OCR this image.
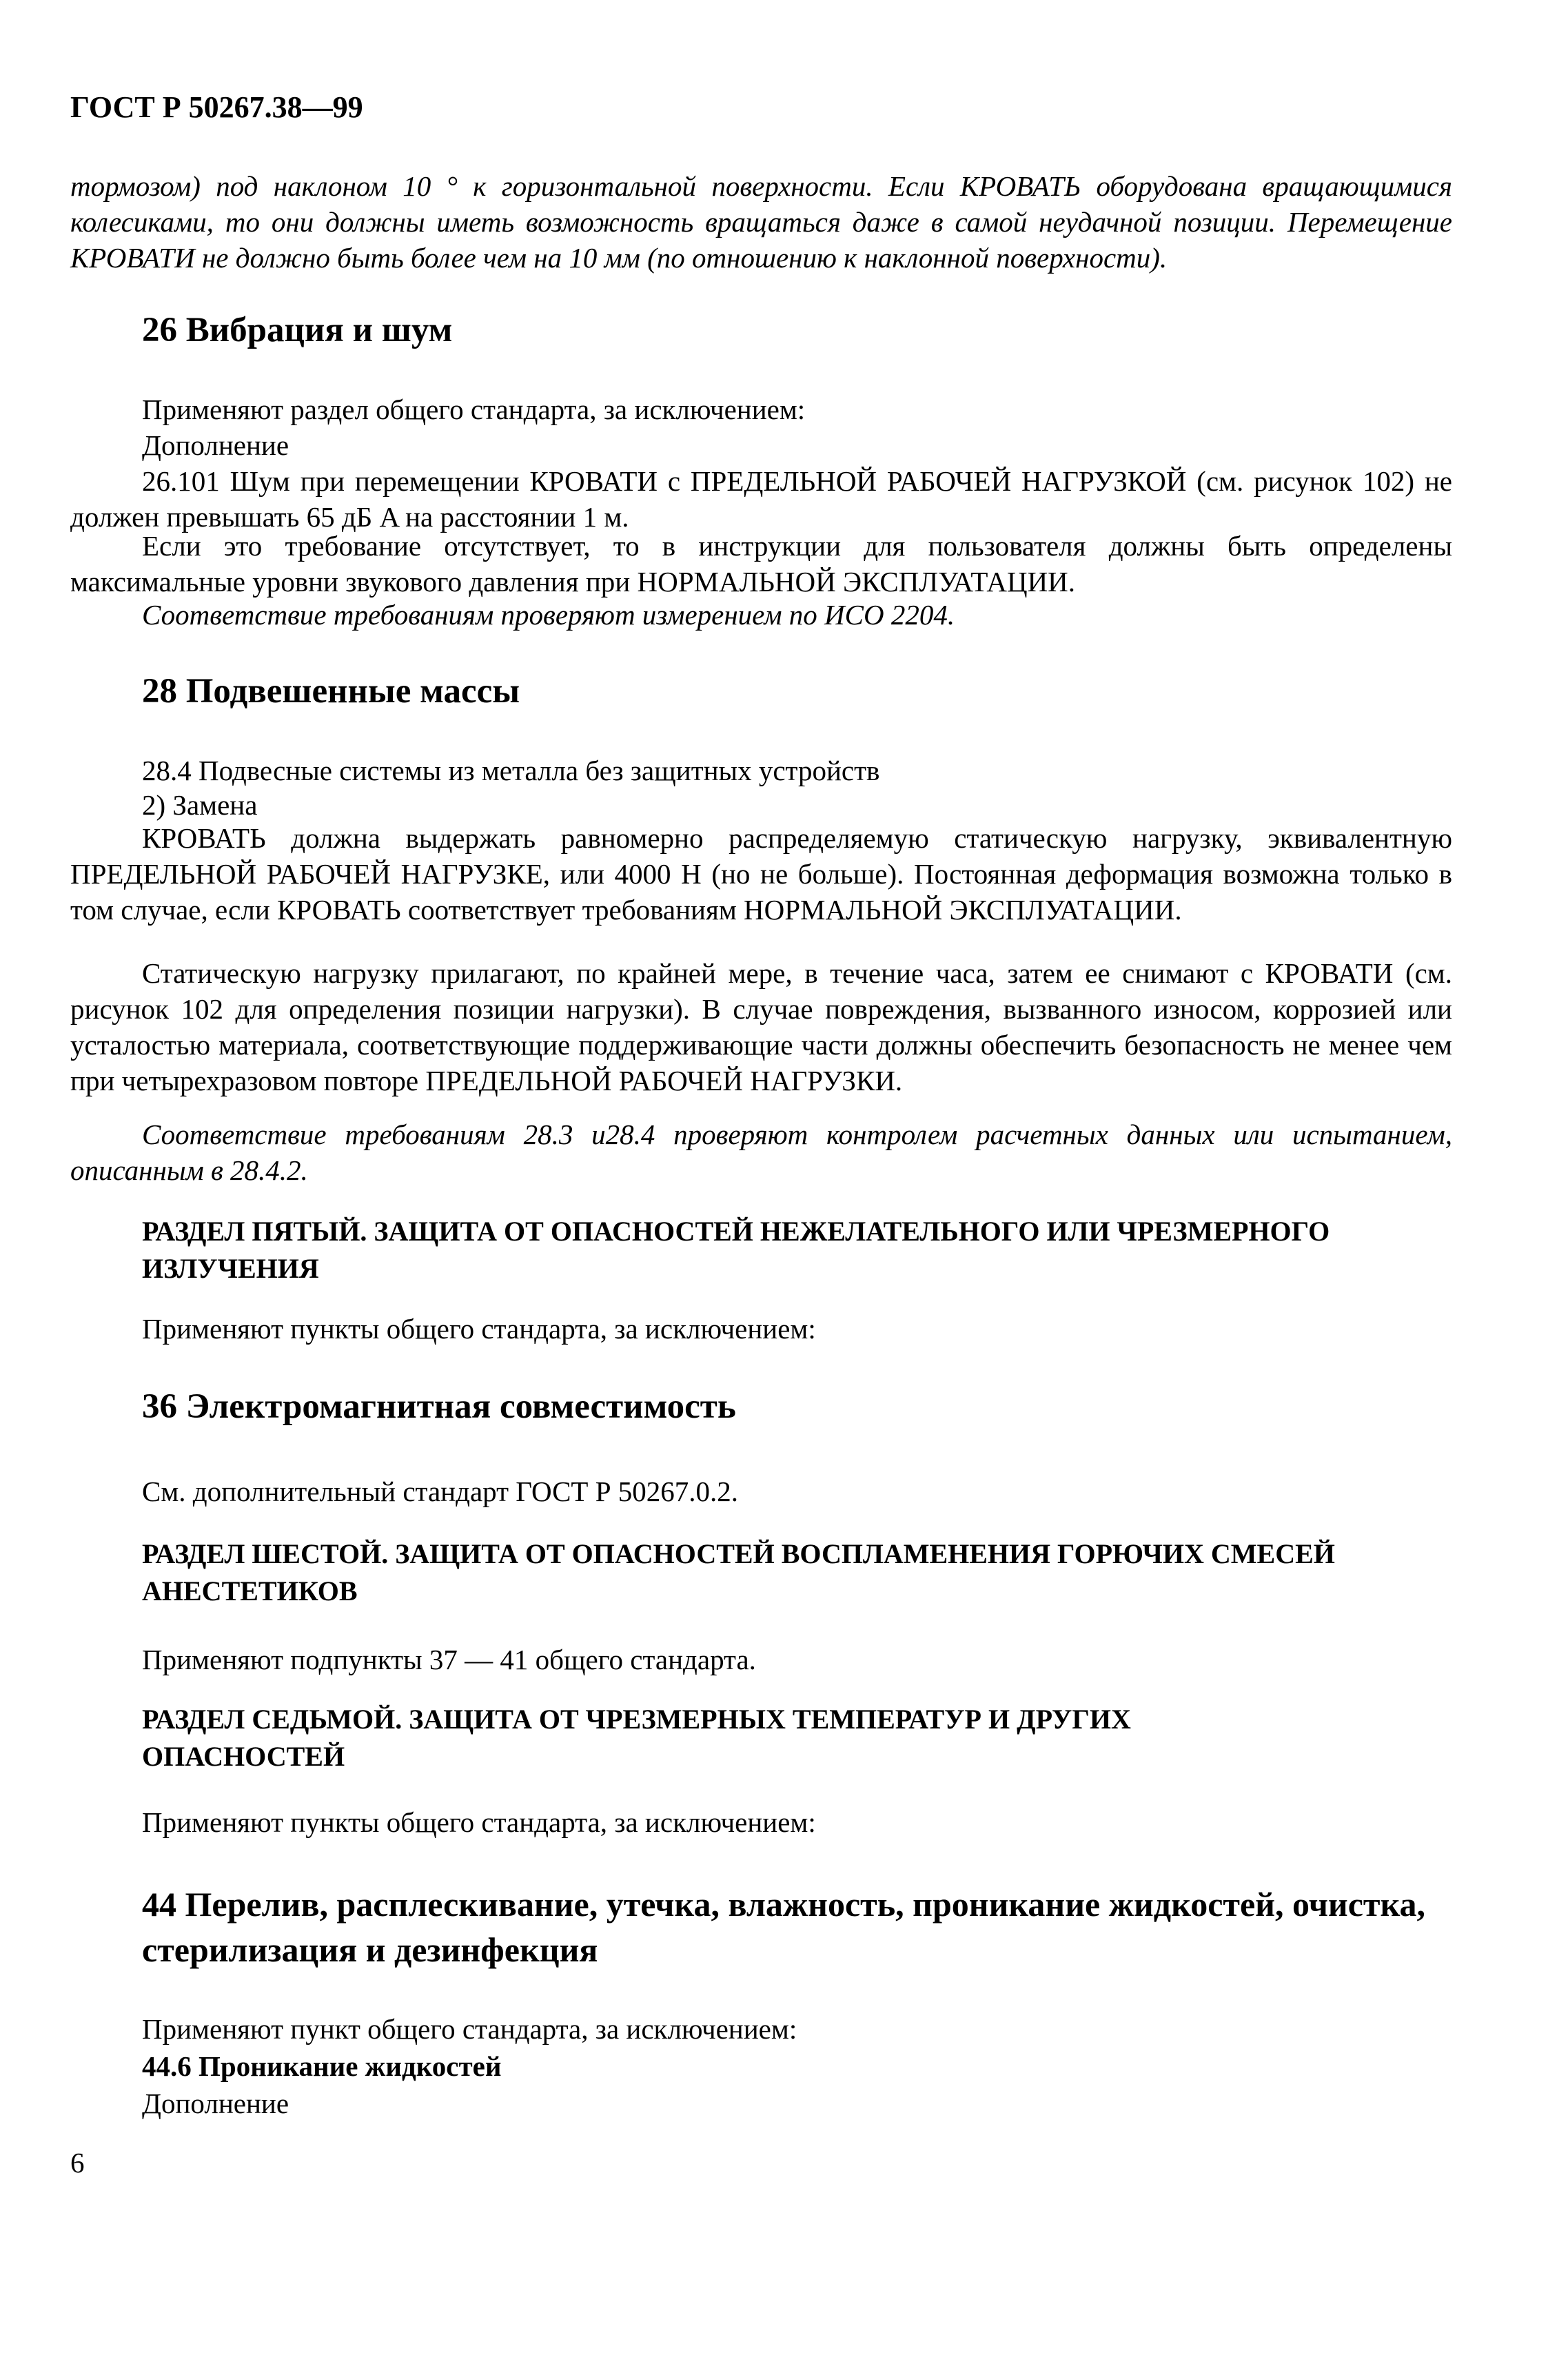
ГОСТ Р 50267.38—99
тормозом) под наклоном 10 ° к горизонтальной поверхности. Если КРОВАТЬ оборудована вращающимися колесиками, то они должны иметь возможность вращаться даже в самой неудачной позиции. Перемещение КРОВАТИ не должно быть более чем на 10 мм (по отношению к наклонной поверхности).
26 Вибрация и шум
Применяют раздел общего стандарта, за исключением:
Дополнение
26.101 Шум при перемещении КРОВАТИ с ПРЕДЕЛЬНОЙ РАБОЧЕЙ НАГРУЗКОЙ (см. рисунок 102) не должен превышать 65 дБ A на расстоянии 1 м.
Если это требование отсутствует, то в инструкции для пользователя должны быть определены максимальные уровни звукового давления при НОРМАЛЬНОЙ ЭКСПЛУАТАЦИИ.
Соответствие требованиям проверяют измерением по ИСО 2204.
28 Подвешенные массы
28.4 Подвесные системы из металла без защитных устройств
2) Замена
КРОВАТЬ должна выдержать равномерно распределяемую статическую нагрузку, эквивалентную ПРЕДЕЛЬНОЙ РАБОЧЕЙ НАГРУЗКЕ, или 4000 Н (но не больше). Постоянная деформация возможна только в том случае, если КРОВАТЬ соответствует требованиям НОРМАЛЬНОЙ ЭКСПЛУАТАЦИИ.
Статическую нагрузку прилагают, по крайней мере, в течение часа, затем ее снимают с КРОВАТИ (см. рисунок 102 для определения позиции нагрузки). В случае повреждения, вызванного износом, коррозией или усталостью материала, соответствующие поддерживающие части должны обеспечить безопасность не менее чем при четырехразовом повторе ПРЕДЕЛЬНОЙ РАБОЧЕЙ НАГРУЗКИ.
Соответствие требованиям 28.3 и28.4 проверяют контролем расчетных данных или испытанием, описанным в 28.4.2.
РАЗДЕЛ ПЯТЫЙ. ЗАЩИТА ОТ ОПАСНОСТЕЙ НЕЖЕЛАТЕЛЬНОГО ИЛИ ЧРЕЗМЕРНОГО
ИЗЛУЧЕНИЯ
Применяют пункты общего стандарта, за исключением:
36 Электромагнитная совместимость
См. дополнительный стандарт ГОСТ Р 50267.0.2.
РАЗДЕЛ ШЕСТОЙ. ЗАЩИТА ОТ ОПАСНОСТЕЙ ВОСПЛАМЕНЕНИЯ ГОРЮЧИХ СМЕСЕЙ
АНЕСТЕТИКОВ
Применяют подпункты 37 — 41 общего стандарта.
РАЗДЕЛ СЕДЬМОЙ. ЗАЩИТА ОТ ЧРЕЗМЕРНЫХ ТЕМПЕРАТУР И ДРУГИХ
ОПАСНОСТЕЙ
Применяют пункты общего стандарта, за исключением:
44 Перелив, расплескивание, утечка, влажность, проникание жидкостей, очистка,
стерилизация и дезинфекция
Применяют пункт общего стандарта, за исключением:
44.6 Проникание жидкостей
Дополнение
6
